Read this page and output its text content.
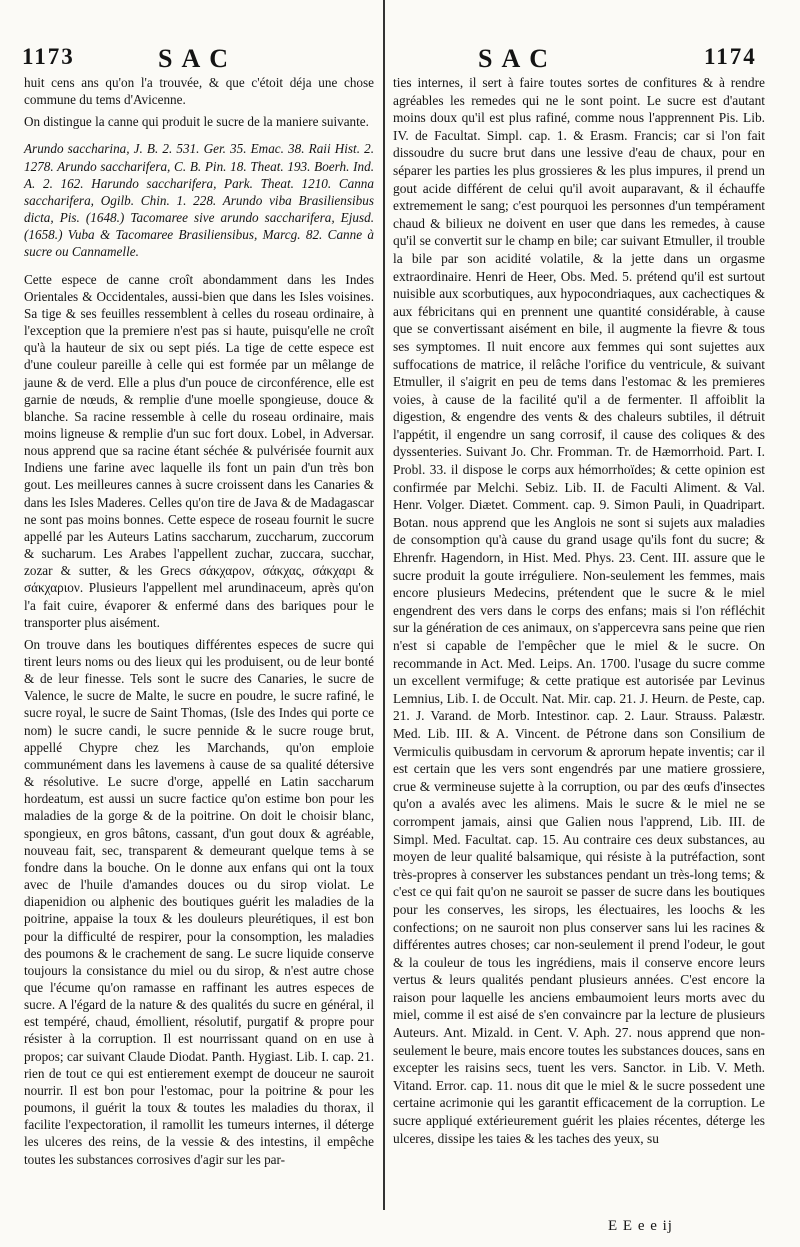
1173	SAC	SAC	1174

huit cens ans qu'on l'a trouvée, & que c'étoit déja une chose commune du tems d'Avicenne.

On distingue la canne qui produit le sucre de la maniere suivante.

Arundo saccharina, J. B. 2. 531. Ger. 35. Emac. 38. Raii Hist. 2. 1278. Arundo saccharifera, C. B. Pin. 18. Theat. 193. Boerh. Ind. A. 2. 162. Harundo saccharifera, Park. Theat. 1210. Canna saccharifera, Ogilb. Chin. 1. 228. Arundo viba Brasiliensibus dicta, Pis. (1648.) Tacomaree sive arundo saccharifera, Ejusd. (1658.) Vuba & Tacomaree Brasiliensibus, Marcg. 82. Canne à sucre ou Cannamelle.

Cette espece de canne croît abondamment dans les Indes Orientales & Occidentales, aussi-bien que dans les Isles voisines. Sa tige & ses feuilles ressemblent à celles du roseau ordinaire, à l'exception que la premiere n'est pas si haute, puisqu'elle ne croît qu'à la hauteur de six ou sept piés. La tige de cette espece est d'une couleur pareille à celle qui est formée par un mêlange de jaune & de verd. Elle a plus d'un pouce de circonférence, elle est garnie de nœuds, & remplie d'une moelle spongieuse, douce & blanche. Sa racine ressemble à celle du roseau ordinaire, mais moins ligneuse & remplie d'un suc fort doux. Lobel, in Adversar. nous apprend que sa racine étant séchée & pulvérisée fournit aux Indiens une farine avec laquelle ils font un pain d'un très bon gout. Les meilleures cannes à sucre croissent dans les Canaries & dans les Isles Maderes. Celles qu'on tire de Java & de Madagascar ne sont pas moins bonnes. Cette espece de roseau fournit le sucre appellé par les Auteurs Latins saccharum, zuccharum, zuccorum & sucharum. Les Arabes l'appellent zuchar, zuccara, succhar, zozar & sutter, & les Grecs σάκχαρον, σάκχας, σάκχαρι & σάκχαριον. Plusieurs l'appellent mel arundinaceum, après qu'on l'a fait cuire, évaporer & enfermé dans des bariques pour le transporter plus aisément.

On trouve dans les boutiques différentes especes de sucre qui tirent leurs noms ou des lieux qui les produisent, ou de leur bonté & de leur finesse. Tels sont le sucre des Canaries, le sucre de Valence, le sucre de Malte, le sucre en poudre, le sucre rafiné, le sucre royal, le sucre de Saint Thomas, (Isle des Indes qui porte ce nom) le sucre candi, le sucre pennide & le sucre rouge brut, appellé Chypre chez les Marchands, qu'on emploie communément dans les lavemens à cause de sa qualité détersive & résolutive. Le sucre d'orge, appellé en Latin saccharum hordeatum, est aussi un sucre factice qu'on estime bon pour les maladies de la gorge & de la poitrine. On doit le choisir blanc, spongieux, en gros bâtons, cassant, d'un gout doux & agréable, nouveau fait, sec, transparent & demeurant quelque tems à se fondre dans la bouche. On le donne aux enfans qui ont la toux avec de l'huile d'amandes douces ou du sirop violat. Le diapenidion ou alphenic des boutiques guérit les maladies de la poitrine, appaise la toux & les douleurs pleurétiques, il est bon pour la difficulté de respirer, pour la consomption, les maladies des poumons & le crachement de sang. Le sucre liquide conserve toujours la consistance du miel ou du sirop, & n'est autre chose que l'écume qu'on ramasse en raffinant les autres especes de sucre. A l'égard de la nature & des qualités du sucre en général, il est tempéré, chaud, émollient, résolutif, purgatif & propre pour résister à la corruption. Il est nourrissant quand on en use à propos; car suivant Claude Diodat. Panth. Hygiast. Lib. I. cap. 21. rien de tout ce qui est entierement exempt de douceur ne sauroit nourrir. Il est bon pour l'estomac, pour la poitrine & pour les poumons, il guérit la toux & toutes les maladies du thorax, il facilite l'expectoration, il ramollit les tumeurs internes, il déterge les ulceres des reins, de la vessie & des intestins, il empêche toutes les substances corrosives d'agir sur les par-

ties internes, il sert à faire toutes sortes de confitures & à rendre agréables les remedes qui ne le sont point. Le sucre est d'autant moins doux qu'il est plus rafiné, comme nous l'apprennent Pis. Lib. IV. de Facultat. Simpl. cap. 1. & Erasm. Francis; car si l'on fait dissoudre du sucre brut dans une lessive d'eau de chaux, pour en séparer les parties les plus grossieres & les plus impures, il prend un gout acide différent de celui qu'il avoit auparavant, & il échauffe extremement le sang; c'est pourquoi les personnes d'un tempérament chaud & bilieux ne doivent en user que dans les remedes, à cause qu'il se convertit sur le champ en bile; car suivant Etmuller, il trouble la bile par son acidité volatile, & la jette dans un orgasme extraordinaire. Henri de Heer, Obs. Med. 5. prétend qu'il est surtout nuisible aux scorbutiques, aux hypocondriaques, aux cachectiques & aux fébricitans qui en prennent une quantité considérable, à cause que se convertissant aisément en bile, il augmente la fievre & tous ses symptomes. Il nuit encore aux femmes qui sont sujettes aux suffocations de matrice, il relâche l'orifice du ventricule, & suivant Etmuller, il s'aigrit en peu de tems dans l'estomac & les premieres voies, à cause de la facilité qu'il a de fermenter. Il affoiblit la digestion, & engendre des vents & des chaleurs subtiles, il détruit l'appétit, il engendre un sang corrosif, il cause des coliques & des dyssenteries. Suivant Jo. Chr. Fromman. Tr. de Hæmorrhoid. Part. I. Probl. 33. il dispose le corps aux hémorrhoïdes; & cette opinion est confirmée par Melchi. Sebiz. Lib. II. de Faculti Aliment. & Val. Henr. Volger. Diætet. Comment. cap. 9. Simon Pauli, in Quadripart. Botan. nous apprend que les Anglois ne sont si sujets aux maladies de consomption qu'à cause du grand usage qu'ils font du sucre; & Ehrenfr. Hagendorn, in Hist. Med. Phys. 23. Cent. III. assure que le sucre produit la goute irréguliere. Non-seulement les femmes, mais encore plusieurs Medecins, prétendent que le sucre & le miel engendrent des vers dans le corps des enfans; mais si l'on réfléchit sur la génération de ces animaux, on s'appercevra sans peine que rien n'est si capable de l'empêcher que le miel & le sucre. On recommande in Act. Med. Leips. An. 1700. l'usage du sucre comme un excellent vermifuge; & cette pratique est autorisée par Levinus Lemnius, Lib. I. de Occult. Nat. Mir. cap. 21. J. Heurn. de Peste, cap. 21. J. Varand. de Morb. Intestinor. cap. 2. Laur. Strauss. Palæstr. Med. Lib. III. & A. Vincent. de Pétrone dans son Consilium de Vermiculis quibusdam in cervorum & aprorum hepate inventis; car il est certain que les vers sont engendrés par une matiere grossiere, crue & vermineuse sujette à la corruption, ou par des œufs d'insectes qu'on a avalés avec les alimens. Mais le sucre & le miel ne se corrompent jamais, ainsi que Galien nous l'apprend, Lib. III. de Simpl. Med. Facultat. cap. 15. Au contraire ces deux substances, au moyen de leur qualité balsamique, qui résiste à la putréfaction, sont très-propres à conserver les substances pendant un très-long tems; & c'est ce qui fait qu'on ne sauroit se passer de sucre dans les boutiques pour les conserves, les sirops, les électuaires, les loochs & les confections; on ne sauroit non plus conserver sans lui les racines & différentes autres choses; car non-seulement il prend l'odeur, le gout & la couleur de tous les ingrédiens, mais il conserve encore leurs vertus & leurs qualités pendant plusieurs années. C'est encore la raison pour laquelle les anciens embaumoient leurs morts avec du miel, comme il est aisé de s'en convaincre par la lecture de plusieurs Auteurs. Ant. Mizald. in Cent. V. Aph. 27. nous apprend que non-seulement le beure, mais encore toutes les substances douces, sans en excepter les raisins secs, tuent les vers. Sanctor. in Lib. V. Meth. Vitand. Error. cap. 11. nous dit que le miel & le sucre possedent une certaine acrimonie qui les garantit efficacement de la corruption. Le sucre appliqué extérieurement guérit les plaies récentes, déterge les ulceres, dissipe les taies & les taches des yeux, su

E E e e ij
